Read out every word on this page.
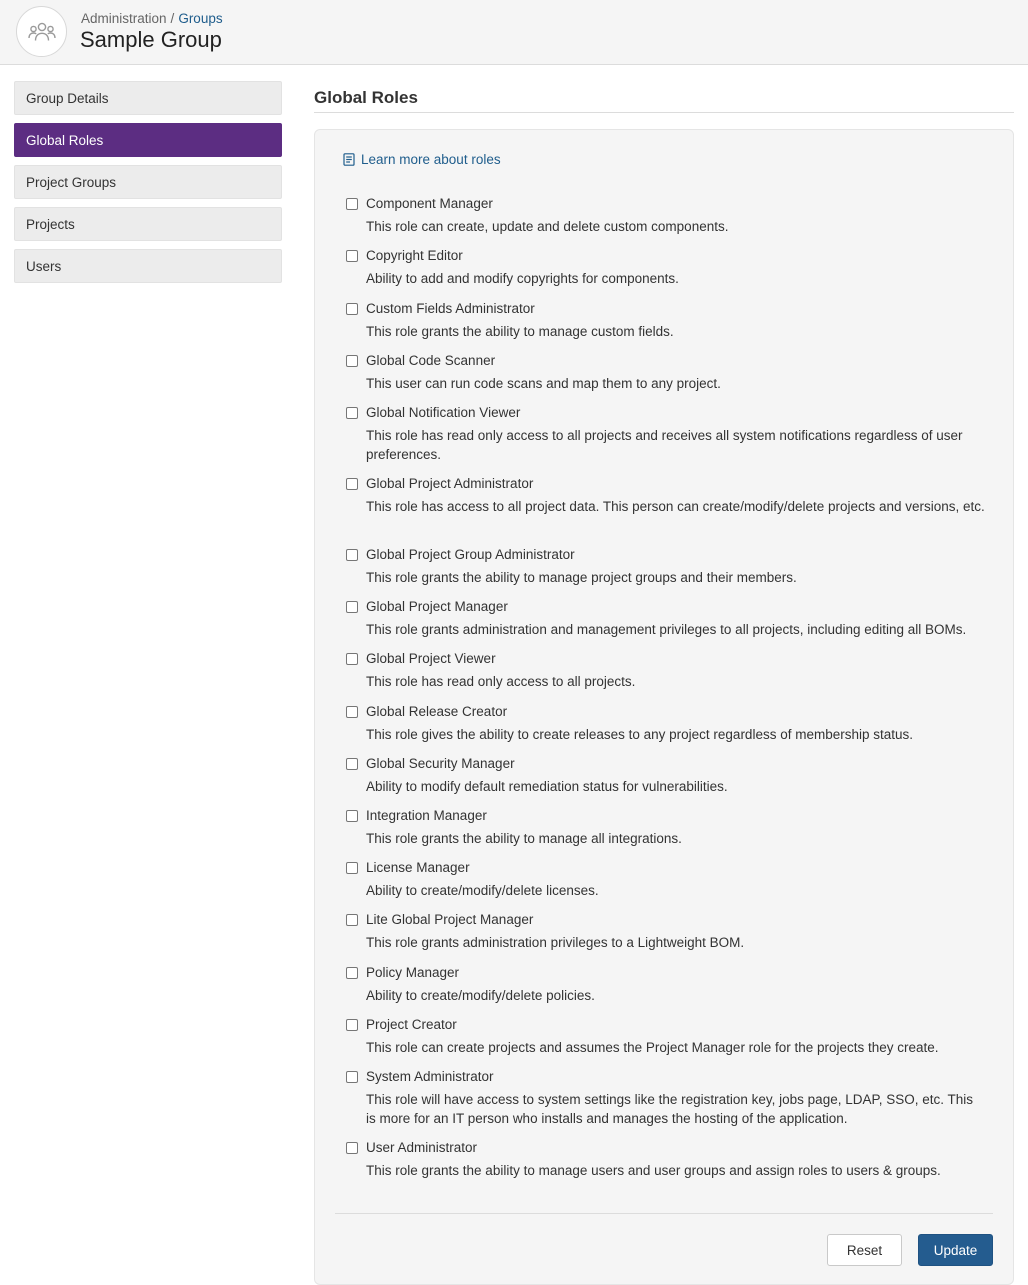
Administration / Groups
Sample Group
Group Details
Global Roles
Project Groups
Projects
Users
Global Roles
Learn more about roles
Component Manager
This role can create, update and delete custom components.
Copyright Editor
Ability to add and modify copyrights for components.
Custom Fields Administrator
This role grants the ability to manage custom fields.
Global Code Scanner
This user can run code scans and map them to any project.
Global Notification Viewer
This role has read only access to all projects and receives all system notifications regardless of user preferences.
Global Project Administrator
This role has access to all project data. This person can create/modify/delete projects and versions, etc.
Global Project Group Administrator
This role grants the ability to manage project groups and their members.
Global Project Manager
This role grants administration and management privileges to all projects, including editing all BOMs.
Global Project Viewer
This role has read only access to all projects.
Global Release Creator
This role gives the ability to create releases to any project regardless of membership status.
Global Security Manager
Ability to modify default remediation status for vulnerabilities.
Integration Manager
This role grants the ability to manage all integrations.
License Manager
Ability to create/modify/delete licenses.
Lite Global Project Manager
This role grants administration privileges to a Lightweight BOM.
Policy Manager
Ability to create/modify/delete policies.
Project Creator
This role can create projects and assumes the Project Manager role for the projects they create.
System Administrator
This role will have access to system settings like the registration key, jobs page, LDAP, SSO, etc. This is more for an IT person who installs and manages the hosting of the application.
User Administrator
This role grants the ability to manage users and user groups and assign roles to users & groups.
Reset	Update
